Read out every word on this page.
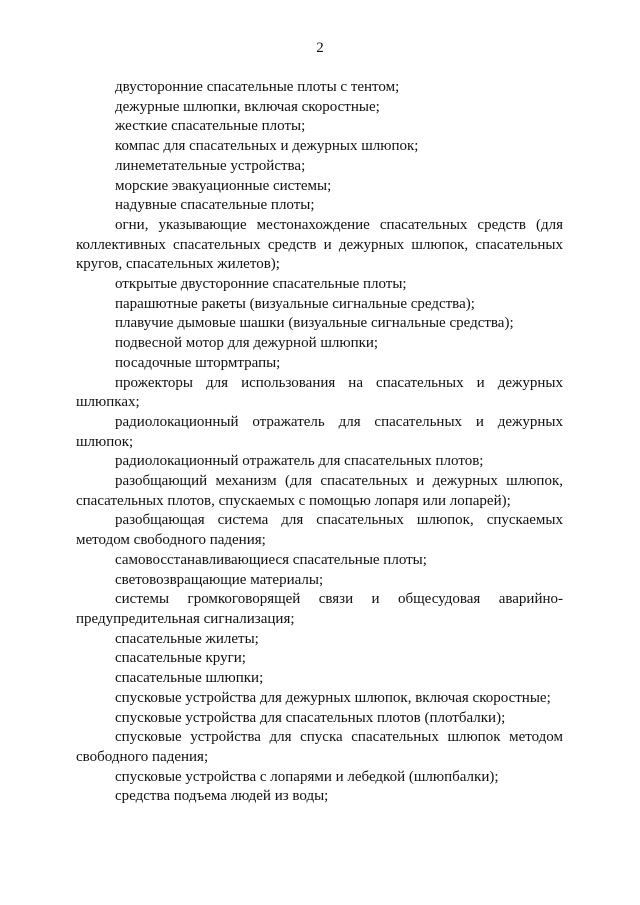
2

двусторонние спасательные плоты с тентом;

дежурные шлюпки, включая скоростные;

жесткие спасательные плоты;

компас для спасательных и дежурных шлюпок;

линеметательные устройства;

морские эвакуационные системы;

надувные спасательные плоты;

огни, указывающие местонахождение спасательных средств (для коллективных спасательных средств и дежурных шлюпок, спасательных кругов, спасательных жилетов);

открытые двусторонние спасательные плоты;

парашютные ракеты (визуальные сигнальные средства);

плавучие дымовые шашки (визуальные сигнальные средства);

подвесной мотор для дежурной шлюпки;

посадочные штормтрапы;

прожекторы для использования на спасательных и дежурных шлюпках;

радиолокационный отражатель для спасательных и дежурных шлюпок;

радиолокационный отражатель для спасательных плотов;

разобщающий механизм (для спасательных и дежурных шлюпок, спасательных плотов, спускаемых с помощью лопаря или лопарей);

разобщающая система для спасательных шлюпок, спускаемых методом свободного падения;

самовосстанавливающиеся спасательные плоты;

световозвращающие материалы;

системы громкоговорящей связи и общесудовая аварийно-предупредительная сигнализация;

спасательные жилеты;

спасательные круги;

спасательные шлюпки;

спусковые устройства для дежурных шлюпок, включая скоростные;

спусковые устройства для спасательных плотов (плотбалки);

спусковые устройства для спуска спасательных шлюпок методом свободного падения;

спусковые устройства с лопарями и лебедкой (шлюпбалки);

средства подъема людей из воды;
